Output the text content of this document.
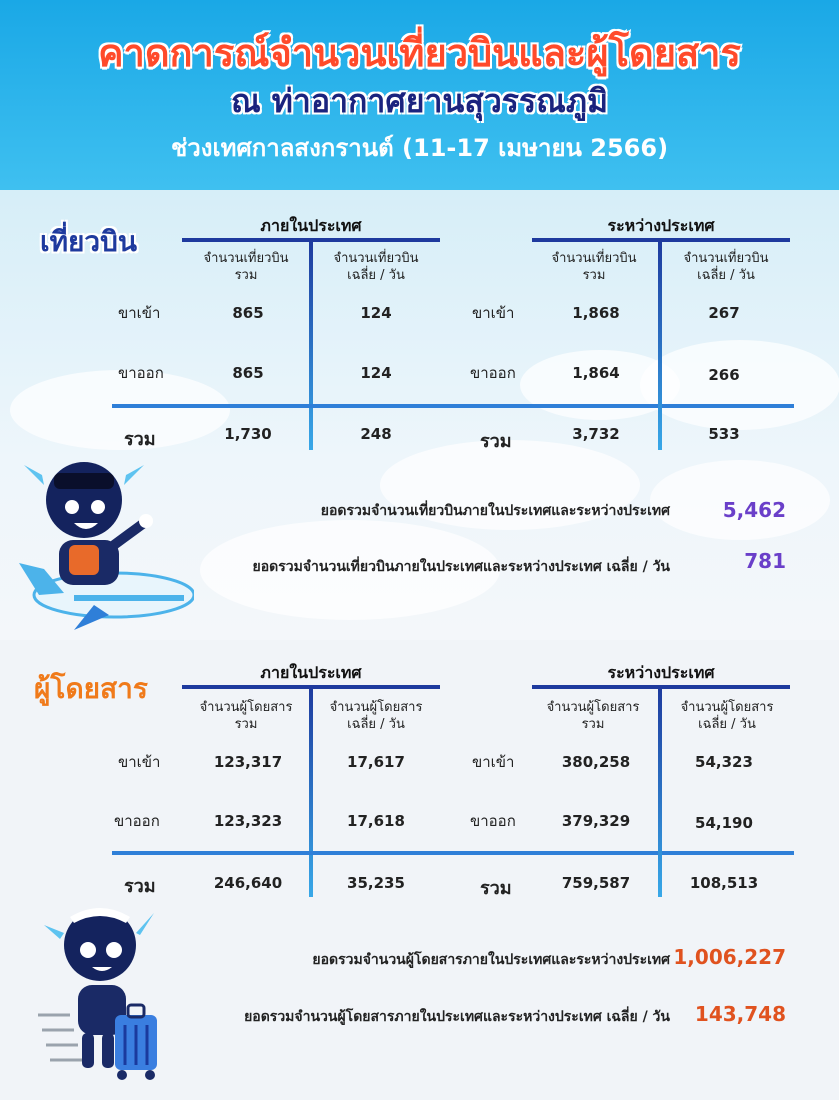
คาดการณ์จำนวนเที่ยวบินและผู้โดยสาร
ณ ท่าอากาศยานสุวรรณภูมิ
ช่วงเทศกาลสงกรานต์ (11-17 เมษายน 2566)
เที่ยวบิน	ภายในประเทศ
จำนวนเที่ยวบิน
รวม
จำนวนเที่ยวบิน
เฉลี่ย / วัน
ขาเข้า	865	124
ขาออก	865	124
รวม	1,730	248
ระหว่างประเทศ
จำนวนเที่ยวบิน
รวม
จำนวนเที่ยวบิน
เฉลี่ย / วัน
ขาเข้า	1,868	267
ขาออก	1,864	266
รวม	3,732	533
ยอดรวมจำนวนเที่ยวบินภายในประเทศและระหว่างประเทศ	5,462
ยอดรวมจำนวนเที่ยวบินภายในประเทศและระหว่างประเทศ เฉลี่ย / วัน	781
ผู้โดยสาร	ภายในประเทศ
จำนวนผู้โดยสาร
รวม
จำนวนผู้โดยสาร
เฉลี่ย / วัน
ขาเข้า	123,317	17,617
ขาออก	123,323	17,618
รวม	246,640	35,235
ระหว่างประเทศ
จำนวนผู้โดยสาร
รวม
จำนวนผู้โดยสาร
เฉลี่ย / วัน
ขาเข้า	380,258	54,323
ขาออก	379,329	54,190
รวม	759,587	108,513
ยอดรวมจำนวนผู้โดยสารภายในประเทศและระหว่างประเทศ 1,006,227
ยอดรวมจำนวนผู้โดยสารภายในประเทศและระหว่างประเทศ เฉลี่ย / วัน	143,748
